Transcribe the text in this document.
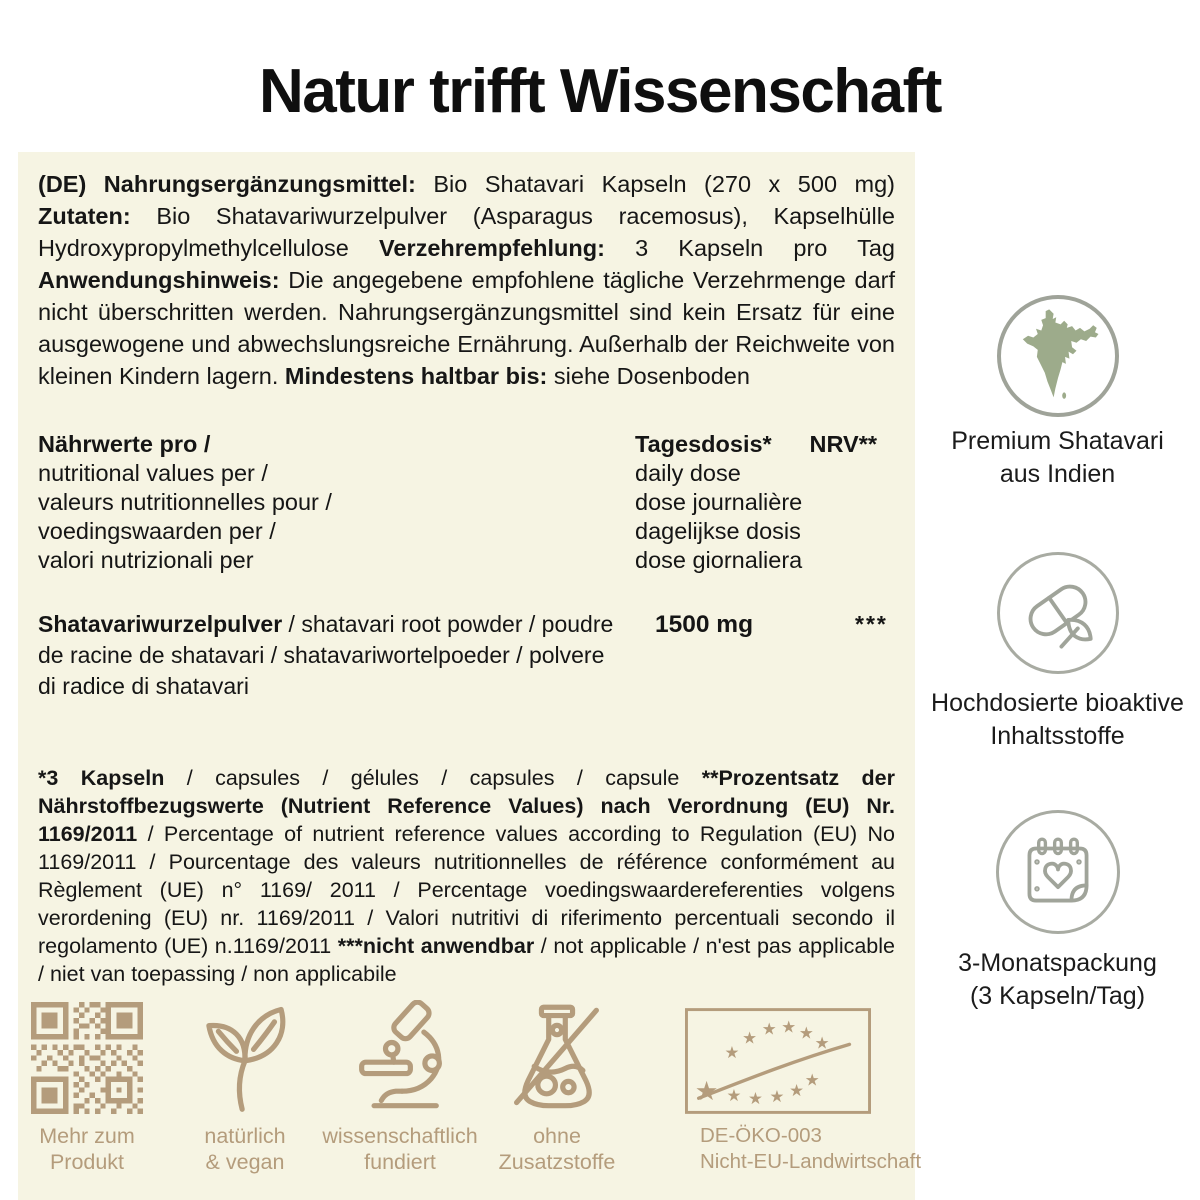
Natur trifft Wissenschaft

(DE) Nahrungsergänzungsmittel: Bio Shatavari Kapseln (270 x 500 mg) Zutaten: Bio Shatavariwurzelpulver (Asparagus racemosus), Kapselhülle Hydroxypropylmethylcellulose Verzehrempfehlung: 3 Kapseln pro Tag Anwendungshinweis: Die angegebene empfohlene tägliche Verzehrmenge darf nicht überschritten werden. Nahrungsergänzungsmittel sind kein Ersatz für eine ausgewogene und abwechslungsreiche Ernährung. Außerhalb der Reichweite von kleinen Kindern lagern. Mindestens haltbar bis: siehe Dosenboden

Nährwerte pro /
nutritional values per /
valeurs nutritionnelles pour /
voedingswaarden per /
valori nutrizionali per
Tagesdosis* NRV**
daily dose
dose journalière
dagelijkse dosis
dose giornaliera
Shatavariwurzelpulver / shatavari root powder / poudre de racine de shatavari / shatavariwortelpoeder / polvere di radice di shatavari
1500 mg	***

*3 Kapseln / capsules / gélules / capsules / capsule **Prozentsatz der Nährstoffbezugswerte (Nutrient Reference Values) nach Verordnung (EU) Nr. 1169/2011 / Percentage of nutrient reference values according to Regulation (EU) No 1169/2011 / Pourcentage des valeurs nutritionnelles de référence conformément au Règlement (UE) n° 1169/ 2011 / Percentage voedingswaardereferenties volgens verordening (EU) nr. 1169/2011 / Valori nutritivi di riferimento percentuali secondo il regolamento (UE) n.1169/2011 ***nicht anwendbar / not applicable / n'est pas applicable / niet van toepassing / non applicabile

Mehr zum
Produkt
natürlich
& vegan
wissenschaftlich
fundiert
ohne
Zusatzstoffe
★ ★ ★ ★ ★
★
★
★ ★ ★ ★
★
DE-ÖKO-003
Nicht-EU-Landwirtschaft
Premium Shatavari
aus Indien
Hochdosierte bioaktive
Inhaltsstoffe
3-Monatspackung
(3 Kapseln/Tag)
